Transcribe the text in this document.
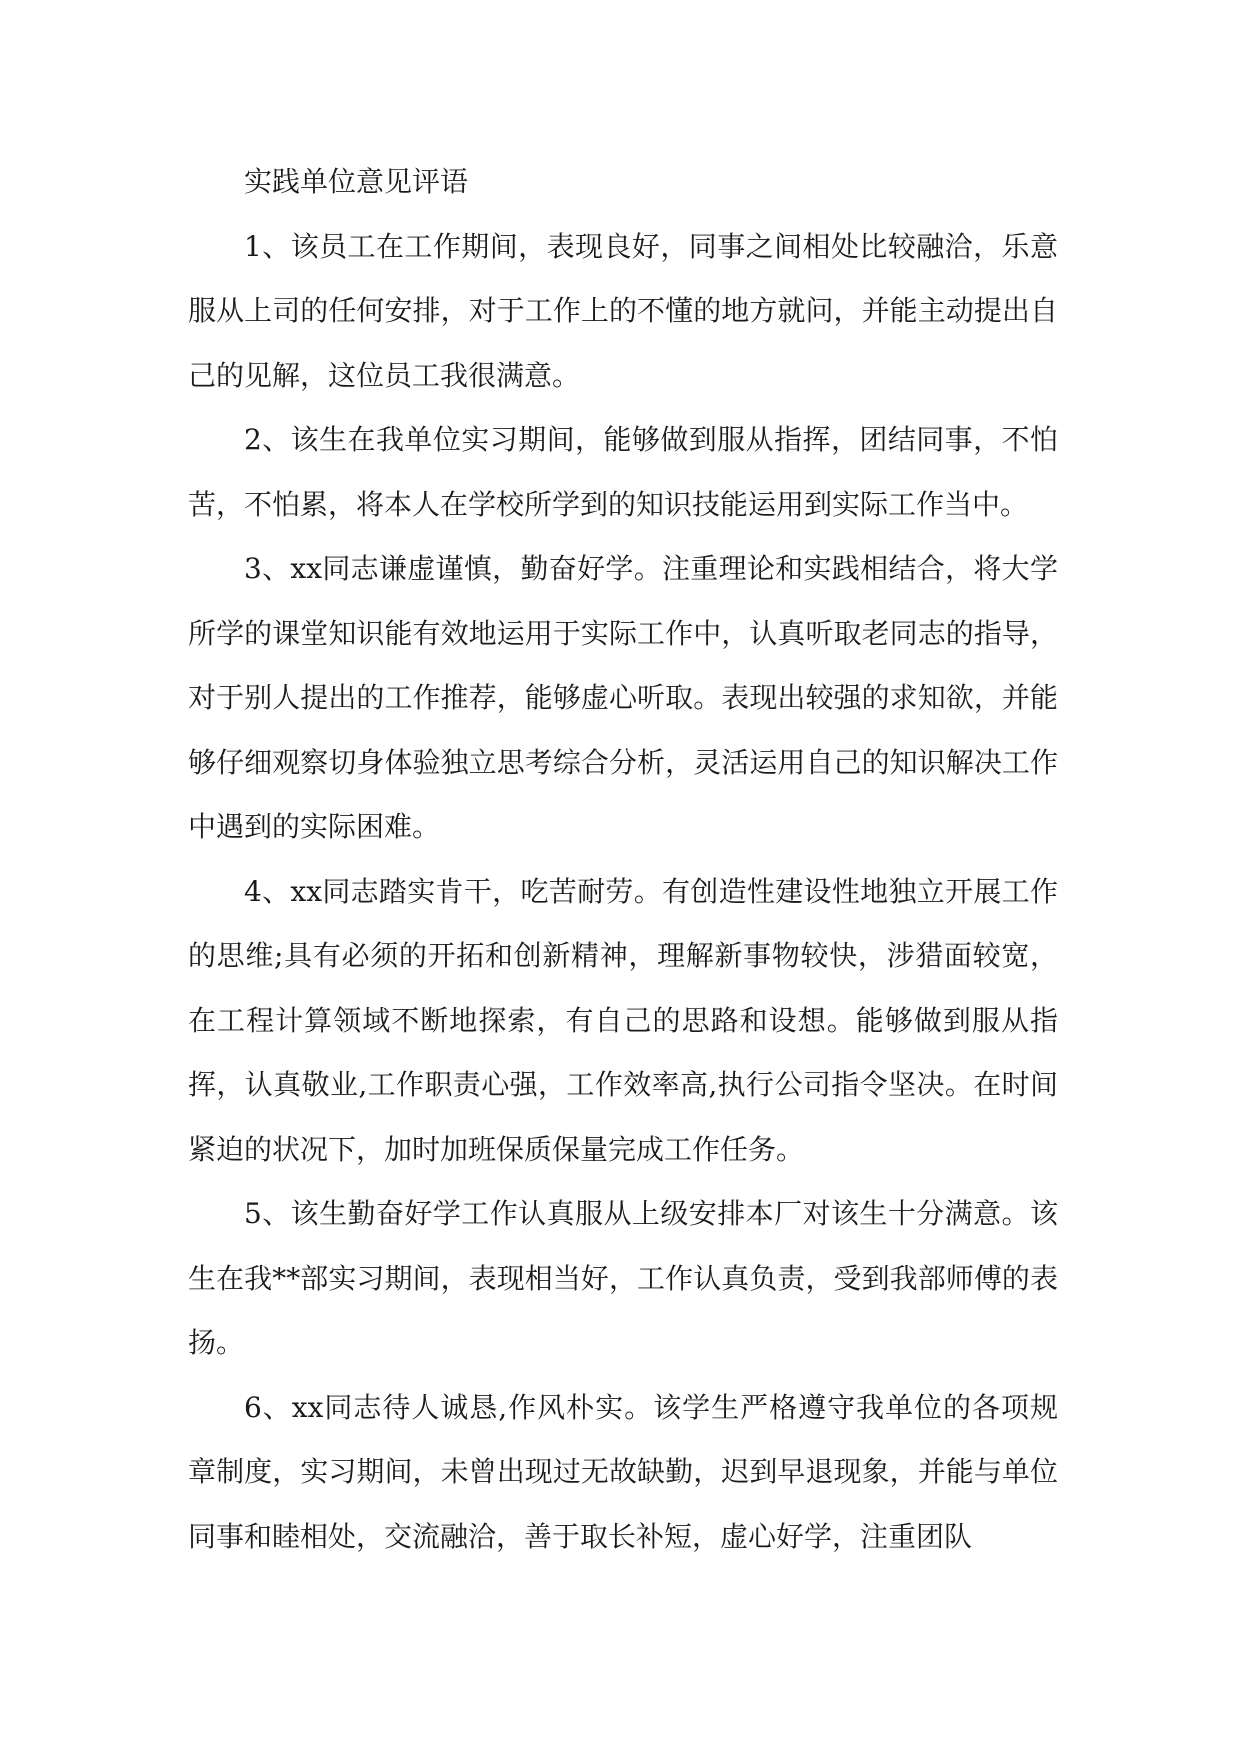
实践单位意见评语

1、该员工在工作期间，表现良好，同事之间相处比较融洽，乐意服从上司的任何安排，对于工作上的不懂的地方就问，并能主动提出自己的见解，这位员工我很满意。

2、该生在我单位实习期间，能够做到服从指挥，团结同事，不怕苦，不怕累，将本人在学校所学到的知识技能运用到实际工作当中。

3、xx同志谦虚谨慎，勤奋好学。注重理论和实践相结合，将大学所学的课堂知识能有效地运用于实际工作中，认真听取老同志的指导，对于别人提出的工作推荐，能够虚心听取。表现出较强的求知欲，并能够仔细观察切身体验独立思考综合分析，灵活运用自己的知识解决工作中遇到的实际困难。

4、xx同志踏实肯干，吃苦耐劳。有创造性建设性地独立开展工作的思维;具有必须的开拓和创新精神，理解新事物较快，涉猎面较宽，在工程计算领域不断地探索，有自己的思路和设想。能够做到服从指挥，认真敬业,工作职责心强，工作效率高,执行公司指令坚决。在时间紧迫的状况下，加时加班保质保量完成工作任务。

5、该生勤奋好学工作认真服从上级安排本厂对该生十分满意。该生在我**部实习期间，表现相当好，工作认真负责，受到我部师傅的表扬。

6、xx同志待人诚恳,作风朴实。该学生严格遵守我单位的各项规章制度，实习期间，未曾出现过无故缺勤，迟到早退现象，并能与单位同事和睦相处，交流融洽，善于取长补短，虚心好学，注重团队
